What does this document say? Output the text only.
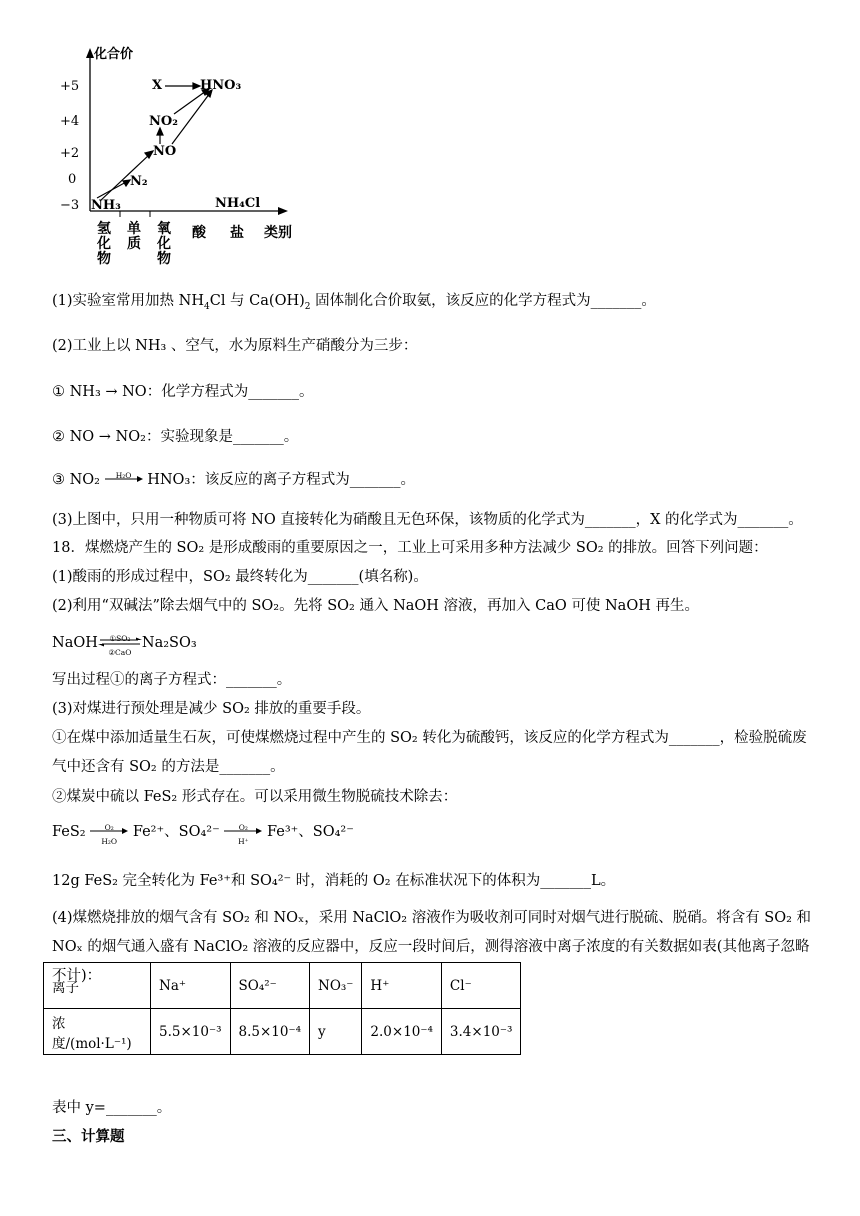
化合价
+5
+4
+2
0
−3
X	HNO₃
NO₂
NO
N₂
NH₃	NH₄Cl
氢化物
单质
氧化物
酸 盐 类别
(1)实验室常用加热 $NH_4Cl$ 与 $Ca(OH)_2$ 固体制化合价取氨，该反应的化学方程式为_______。
(2)工业上以 NH₃ 、空气，水为原料生产硝酸分为三步：
① NH₃ → NO：化学方程式为_______。
② NO → NO₂：实验现象是_______。
③ NO₂	H₂O	HNO₃：该反应的离子方程式为_______。
(3)上图中，只用一种物质可将 NO 直接转化为硝酸且无色环保，该物质的化学式为_______，X 的化学式为_______。
18．煤燃烧产生的 SO₂ 是形成酸雨的重要原因之一，工业上可采用多种方法减少 SO₂ 的排放。回答下列问题：
(1)酸雨的形成过程中，SO₂ 最终转化为_______(填名称)。
(2)利用“双碱法”除去烟气中的 SO₂。先将 SO₂ 通入 NaOH 溶液，再加入 CaO 可使 NaOH 再生。
NaOH	①SO₂
②CaO
Na₂SO₃
写出过程①的离子方程式：_______。
(3)对煤进行预处理是减少 SO₂ 排放的重要手段。
①在煤中添加适量生石灰，可使煤燃烧过程中产生的 SO₂ 转化为硫酸钙，该反应的化学方程式为_______，检验脱硫废气中还含有 SO₂ 的方法是_______。
②煤炭中硫以 FeS₂ 形式存在。可以采用微生物脱硫技术除去：
FeS₂	O₂
H₂O
Fe²⁺、SO₄²⁻	O₂
H⁺
Fe³⁺、SO₄²⁻
12g FeS₂ 完全转化为 Fe³⁺和 SO₄²⁻ 时，消耗的 O₂ 在标准状况下的体积为_______L。
(4)煤燃烧排放的烟气含有 SO₂ 和 NOₓ，采用 NaClO₂ 溶液作为吸收剂可同时对烟气进行脱硫、脱硝。将含有 SO₂ 和 NOₓ 的烟气通入盛有 NaClO₂ 溶液的反应器中，反应一段时间后，测得溶液中离子浓度的有关数据如表(其他离子忽略不计)：
离子	Na⁺	SO₄²⁻	NO₃⁻	H⁺	Cl⁻
浓度/(mol·L⁻¹)	5.5×10⁻³	8.5×10⁻⁴	y	2.0×10⁻⁴	3.4×10⁻³
表中 y=_______。
三、计算题
